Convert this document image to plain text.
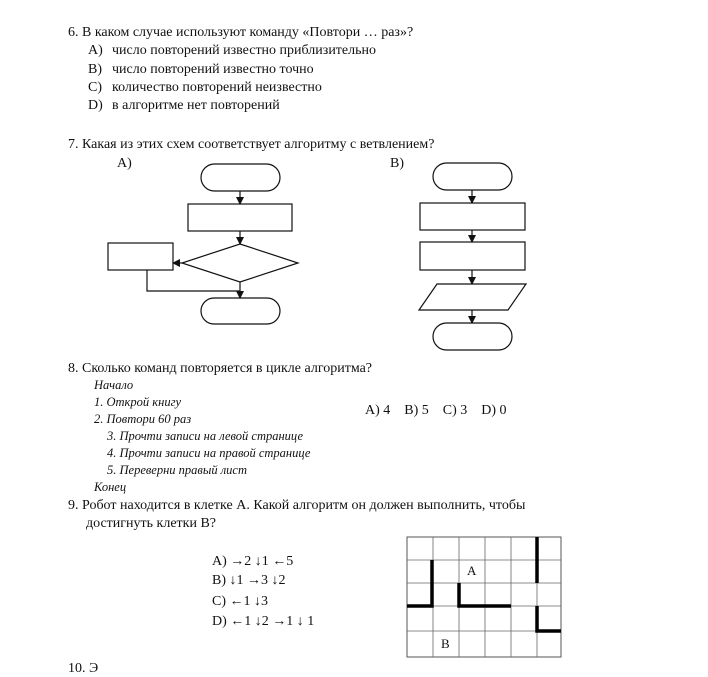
6. В каком случае используют команду «Повтори … раз»?
A) число повторений известно приблизительно
B) число повторений известно точно
C) количество повторений неизвестно
D) в алгоритме нет повторений
7. Какая из этих схем соответствует алгоритму с ветвлением?
A)	B)
8. Сколько команд повторяется в цикле алгоритма?
Начало
1. Открой книгу
2. Повтори 60 раз
3. Прочти записи на левой странице
4. Прочти записи на правой странице
5. Переверни правый лист
Конец
A) 4 B) 5 C) 3 D) 0
9. Робот находится в клетке А. Какой алгоритм он должен выполнить, чтобы
достигнуть клетки В?
A) →2 ↓1 ←5
B) ↓1 →3 ↓2
C) ←1 ↓3
D) ←1 ↓2 →1 ↓ 1
A
B
10. Э
